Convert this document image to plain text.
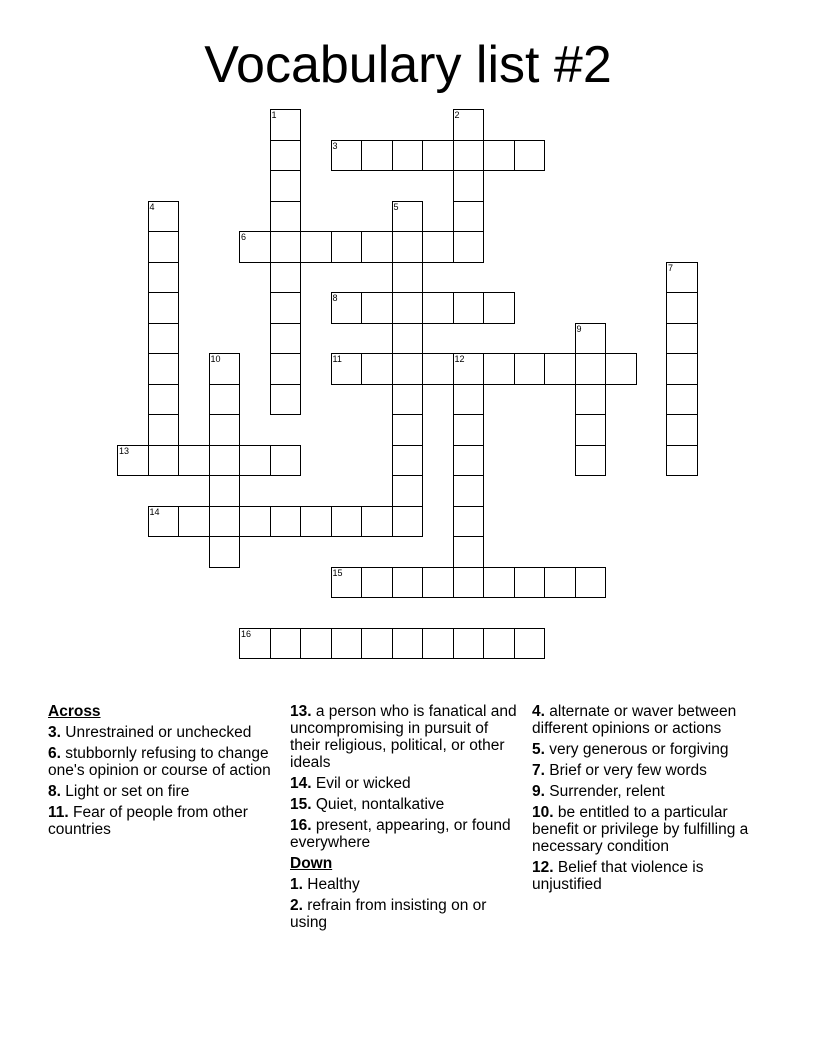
Vocabulary list #2
1	2
3
4	5
6
7
8
9
10	11	12
13
14
15
16
Across
3. Unrestrained or unchecked
6. stubbornly refusing to change one's opinion or course of action
8. Light or set on fire
11. Fear of people from other countries
13. a person who is fanatical and uncompromising in pursuit of their religious, political, or other ideals
14. Evil or wicked
15. Quiet, nontalkative
16. present, appearing, or found everywhere
Down
1. Healthy
2. refrain from insisting on or using
4. alternate or waver between different opinions or actions
5. very generous or forgiving
7. Brief or very few words
9. Surrender, relent
10. be entitled to a particular benefit or privilege by fulfilling a necessary condition
12. Belief that violence is unjustified
